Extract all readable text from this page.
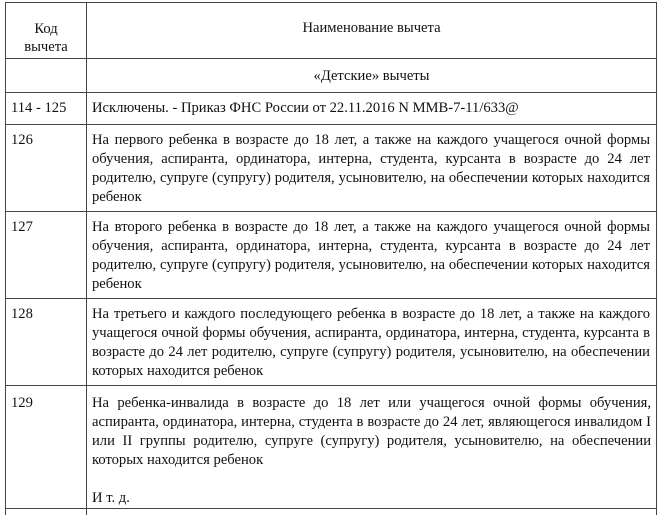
Код
вычета	Наименование вычета
	«Детские» вычеты
114 - 125	Исключены. - Приказ ФНС России от 22.11.2016 N ММВ-7-11/633@
126	На первого ребенка в возрасте до 18 лет, а также на каждого учащегося очной формы обучения, аспиранта, ординатора, интерна, студента, курсанта в возрасте до 24 лет родителю, супруге (супругу) родителя, усыновителю, на обеспечении которых находится ребенок
127	На второго ребенка в возрасте до 18 лет, а также на каждого учащегося очной формы обучения, аспиранта, ординатора, интерна, студента, курсанта в возрасте до 24 лет родителю, супруге (супругу) родителя, усыновителю, на обеспечении которых находится ребенок
128	На третьего и каждого последующего ребенка в возрасте до 18 лет, а также на каждого учащегося очной формы обучения, аспиранта, ординатора, интерна, студента, курсанта в возрасте до 24 лет родителю, супруге (супругу) родителя, усыновителю, на обеспечении которых находится ребенок
129	На ребенка-инвалида в возрасте до 18 лет или учащегося очной формы обучения, аспиранта, ординатора, интерна, студента в возрасте до 24 лет, являющегося инвалидом I или II группы родителю, супруге (супругу) родителя, усыновителю, на обеспечении которых находится ребенок
И т. д.
